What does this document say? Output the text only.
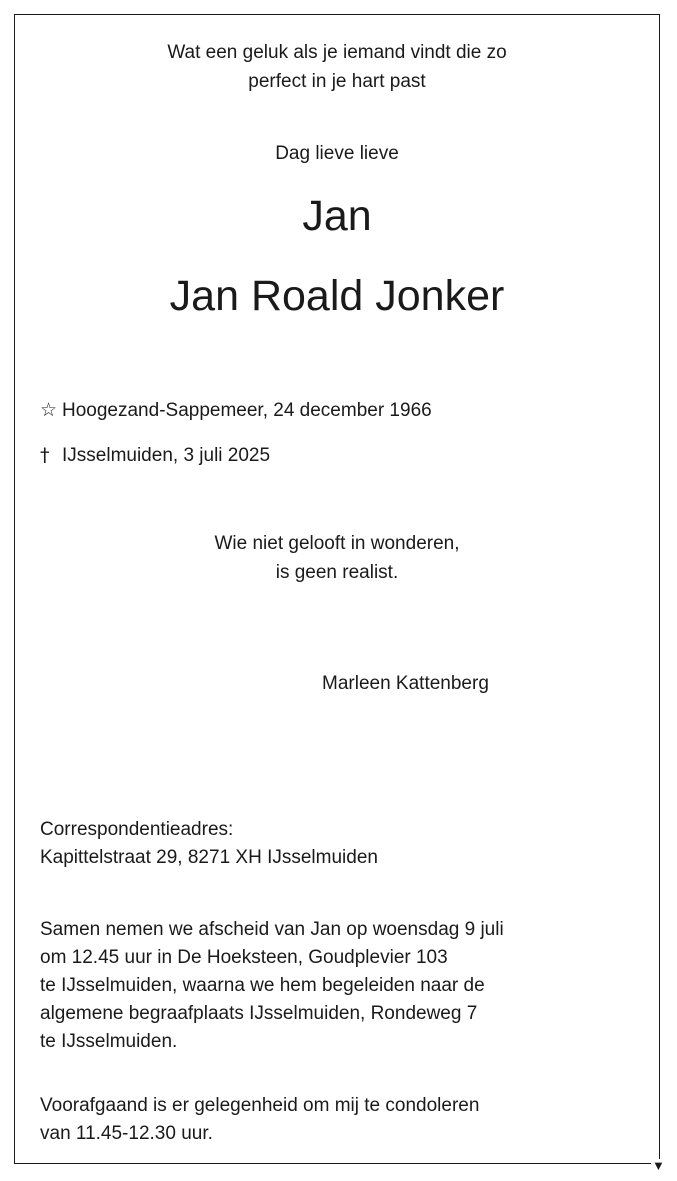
Wat een geluk als je iemand vindt die zo
perfect in je hart past
Dag lieve lieve
Jan
Jan Roald Jonker
☆ Hoogezand-Sappemeer, 24 december 1966
† IJsselmuiden, 3 juli 2025
Wie niet gelooft in wonderen,
is geen realist.
Marleen Kattenberg
Correspondentieadres:
Kapittelstraat 29, 8271 XH IJsselmuiden
Samen nemen we afscheid van Jan op woensdag 9 juli
om 12.45 uur in De Hoeksteen, Goudplevier 103
te IJsselmuiden, waarna we hem begeleiden naar de
algemene begraafplaats IJsselmuiden, Rondeweg 7
te IJsselmuiden.
Voorafgaand is er gelegenheid om mij te condoleren
van 11.45-12.30 uur.
▼
